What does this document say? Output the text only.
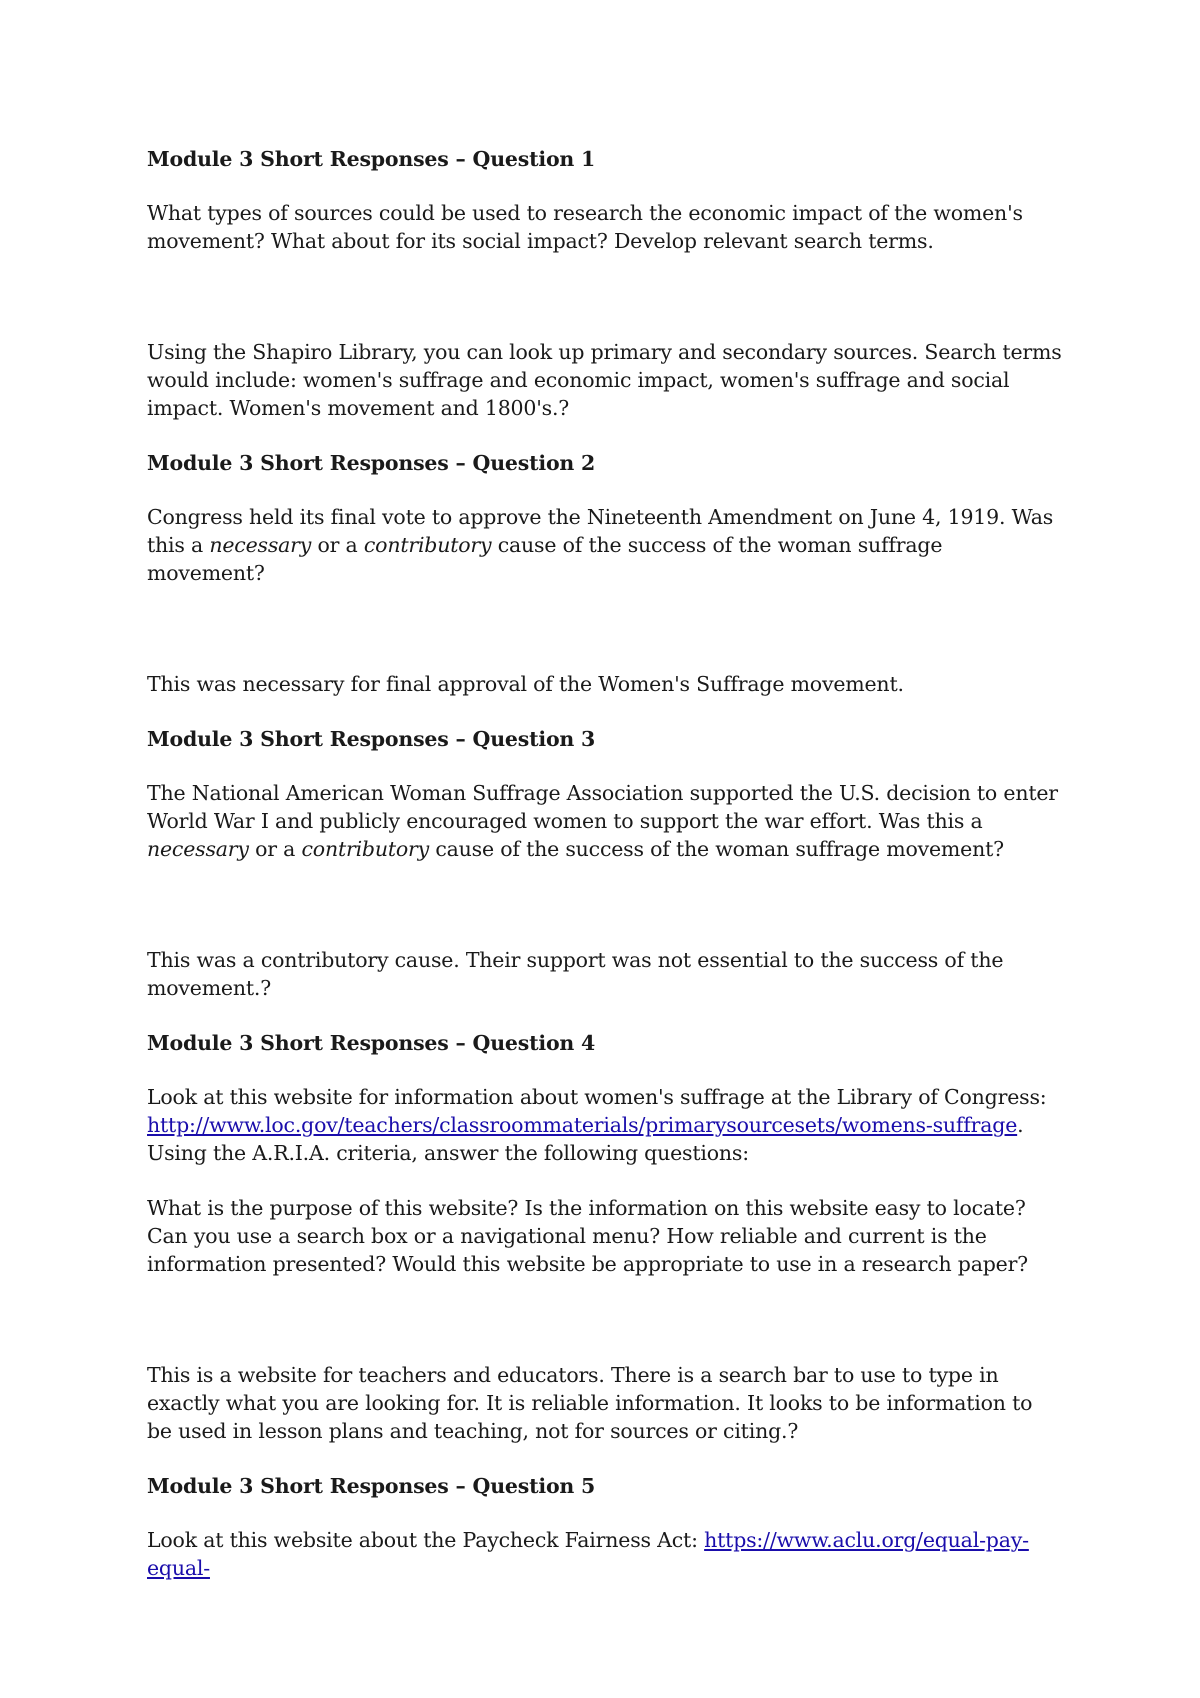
Module 3 Short Responses – Question 1
What types of sources could be used to research the economic impact of the women's movement? What about for its social impact? Develop relevant search terms.
Using the Shapiro Library, you can look up primary and secondary sources. Search terms would include: women's suffrage and economic impact, women's suffrage and social impact. Women's movement and 1800's.?
Module 3 Short Responses – Question 2
Congress held its final vote to approve the Nineteenth Amendment on June 4, 1919. Was this a necessary or a contributory cause of the success of the woman suffrage movement?
This was necessary for final approval of the Women's Suffrage movement.
Module 3 Short Responses – Question 3
The National American Woman Suffrage Association supported the U.S. decision to enter World War I and publicly encouraged women to support the war effort. Was this a necessary or a contributory cause of the success of the woman suffrage movement?
This was a contributory cause. Their support was not essential to the success of the movement.?
Module 3 Short Responses – Question 4
Look at this website for information about women's suffrage at the Library of Congress: http://www.loc.gov/teachers/classroommaterials/primarysourcesets/womens-suffrage. Using the A.R.I.A. criteria, answer the following questions:
What is the purpose of this website? Is the information on this website easy to locate? Can you use a search box or a navigational menu? How reliable and current is the information presented? Would this website be appropriate to use in a research paper?
This is a website for teachers and educators. There is a search bar to use to type in exactly what you are looking for. It is reliable information. It looks to be information to be used in lesson plans and teaching, not for sources or citing.?
Module 3 Short Responses – Question 5
Look at this website about the Paycheck Fairness Act: https://www.aclu.org/equal-pay-equal-
